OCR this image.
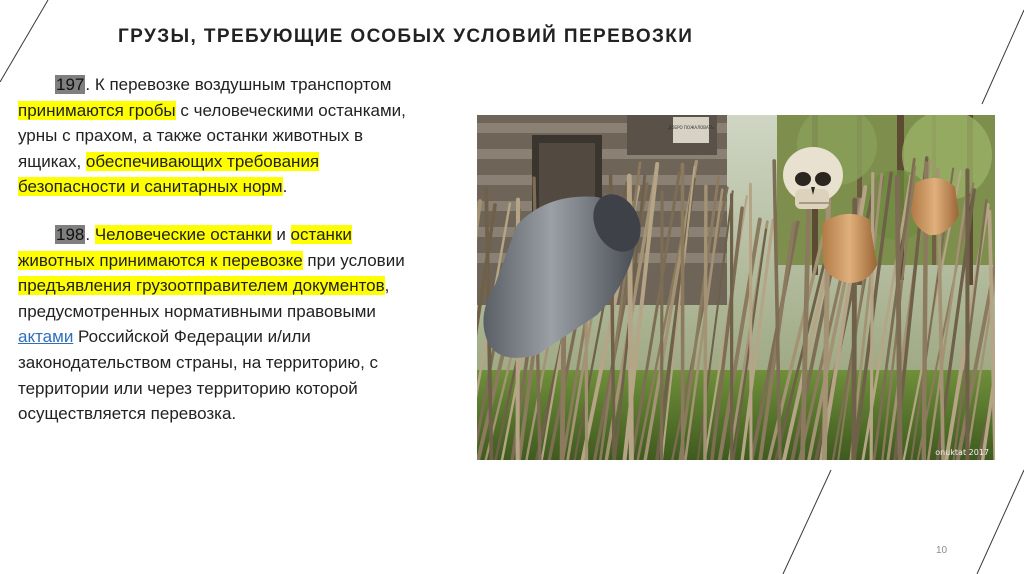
ГРУЗЫ, ТРЕБУЮЩИЕ ОСОБЫХ УСЛОВИЙ ПЕРЕВОЗКИ

197. К перевозке воздушным транспортом принимаются гробы с человеческими останками, урны с прахом, а также останки животных в ящиках, обеспечивающих требования безопасности и санитарных норм.

198. Человеческие останки и останки животных принимаются к перевозке при условии предъявления грузоотправителем документов, предусмотренных нормативными правовыми актами Российской Федерации и/или законодательством страны, на территорию, с территории или через территорию которой осуществляется перевозка.

ДОБРО ПОЖАЛОВАТЬ
onuktat 2017
10
